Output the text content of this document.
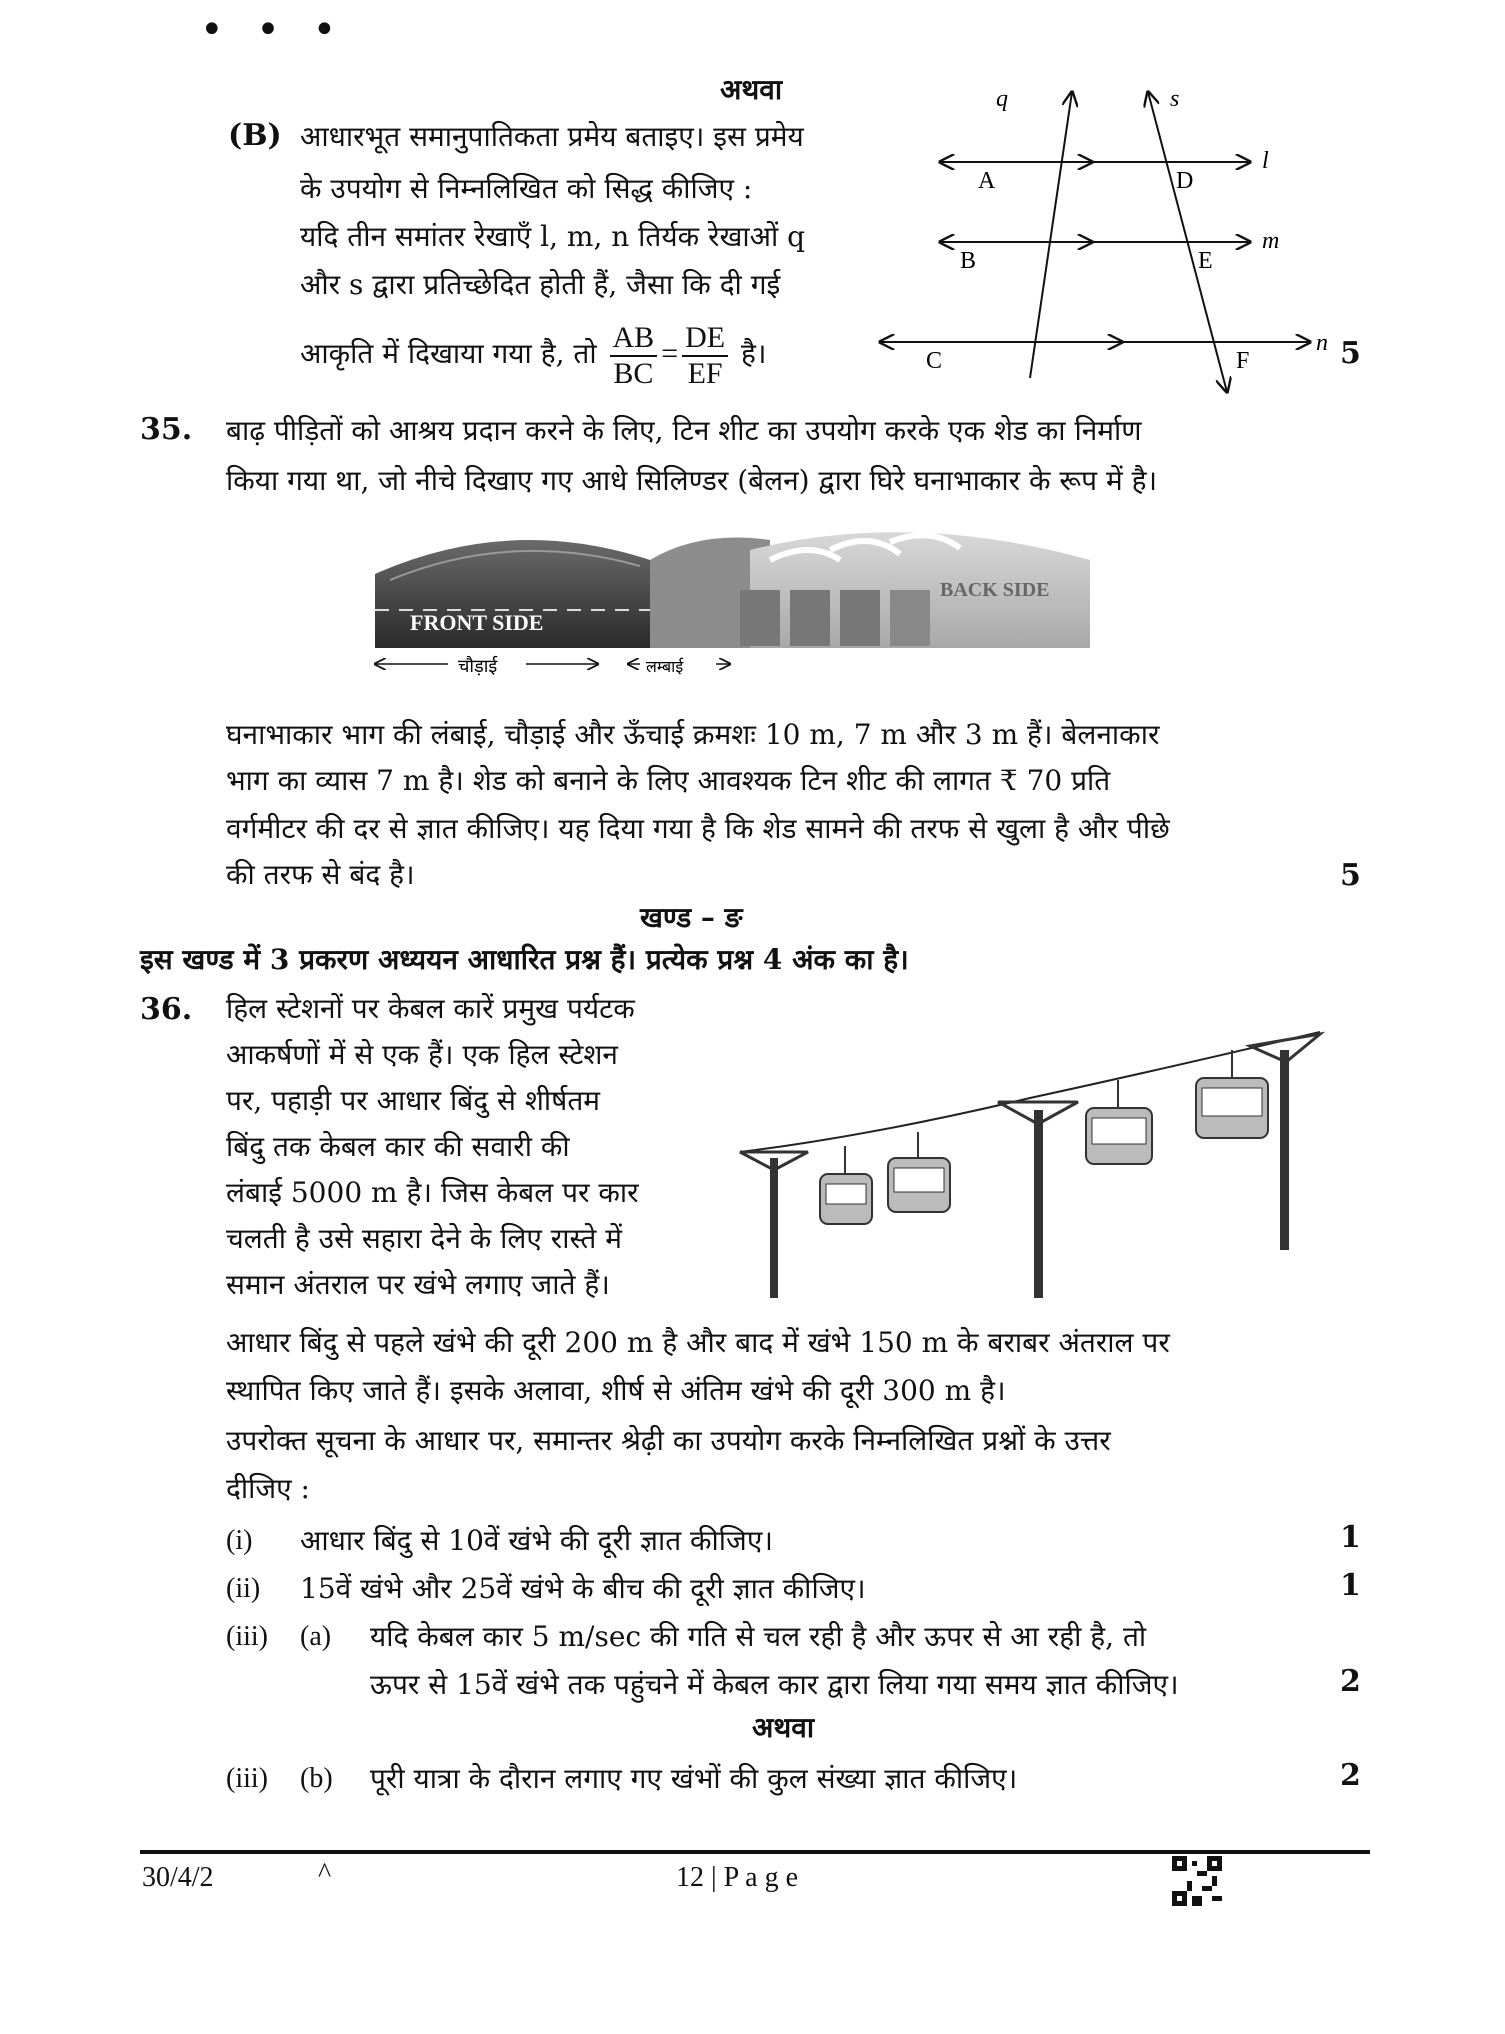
• • •
अथवा
(B) आधारभूत समानुपातिकता प्रमेय बताइए। इस प्रमेय
के उपयोग से निम्नलिखित को सिद्ध कीजिए :
यदि तीन समांतर रेखाएँ l, m, n तिर्यक रेखाओं q
और s द्वारा प्रतिच्छेदित होती हैं, जैसा कि दी गई
आकृति में दिखाया गया है, तो $\frac{AB}{BC} = \frac{DE}{EF}$ है।	5
q	s
l
m
n
A
B
C
D
E
F
35. बाढ़ पीड़ितों को आश्रय प्रदान करने के लिए, टिन शीट का उपयोग करके एक शेड का निर्माण
किया गया था, जो नीचे दिखाए गए आधे सिलिण्डर (बेलन) द्वारा घिरे घनाभाकार के रूप में है।
FRONT SIDE
BACK SIDE
चौड़ाई	लम्बाई
घनाभाकार भाग की लंबाई, चौड़ाई और ऊँचाई क्रमशः 10 m, 7 m और 3 m हैं। बेलनाकार
भाग का व्यास 7 m है। शेड को बनाने के लिए आवश्यक टिन शीट की लागत ₹ 70 प्रति
वर्गमीटर की दर से ज्ञात कीजिए। यह दिया गया है कि शेड सामने की तरफ से खुला है और पीछे
की तरफ से बंद है।	5
खण्ड – ङ
इस खण्ड में 3 प्रकरण अध्ययन आधारित प्रश्न हैं। प्रत्येक प्रश्न 4 अंक का है।
36. हिल स्टेशनों पर केबल कारें प्रमुख पर्यटक
आकर्षणों में से एक हैं। एक हिल स्टेशन
पर, पहाड़ी पर आधार बिंदु से शीर्षतम
बिंदु तक केबल कार की सवारी की
लंबाई 5000 m है। जिस केबल पर कार
चलती है उसे सहारा देने के लिए रास्ते में
समान अंतराल पर खंभे लगाए जाते हैं।
आधार बिंदु से पहले खंभे की दूरी 200 m है और बाद में खंभे 150 m के बराबर अंतराल पर
स्थापित किए जाते हैं। इसके अलावा, शीर्ष से अंतिम खंभे की दूरी 300 m है।
उपरोक्त सूचना के आधार पर, समान्तर श्रेढ़ी का उपयोग करके निम्नलिखित प्रश्नों के उत्तर
दीजिए :
(i) आधार बिंदु से 10वें खंभे की दूरी ज्ञात कीजिए।	1
(ii) 15वें खंभे और 25वें खंभे के बीच की दूरी ज्ञात कीजिए।	1
(iii) (a) यदि केबल कार 5 m/sec की गति से चल रही है और ऊपर से आ रही है, तो
ऊपर से 15वें खंभे तक पहुंचने में केबल कार द्वारा लिया गया समय ज्ञात कीजिए।	2
अथवा
(iii) (b) पूरी यात्रा के दौरान लगाए गए खंभों की कुल संख्या ज्ञात कीजिए।	2
30/4/2	^	12 | P a g e
